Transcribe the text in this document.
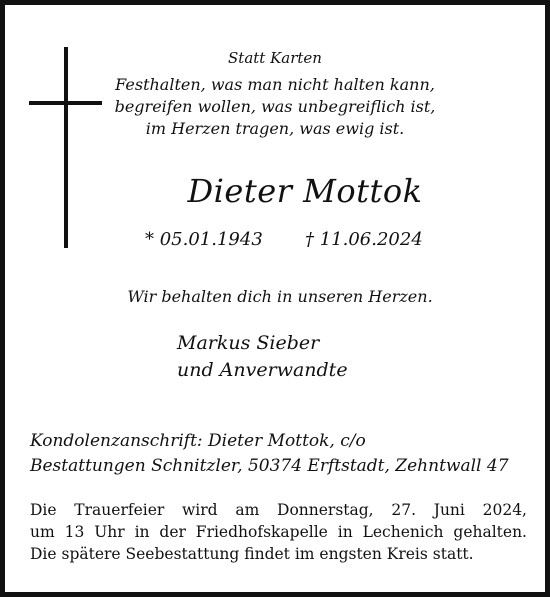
Statt Karten
Festhalten, was man nicht halten kann,
begreifen wollen, was unbegreiflich ist,
im Herzen tragen, was ewig ist.
Dieter Mottok
* 05.01.1943 † 11.06.2024
Wir behalten dich in unseren Herzen.
Markus Sieber
und Anverwandte
Kondolenzanschrift: Dieter Mottok, c/o
Bestattungen Schnitzler, 50374 Erftstadt, Zehntwall 47
Die Trauerfeier wird am Donnerstag, 27. Juni 2024,
um 13 Uhr in der Friedhofskapelle in Lechenich gehalten.
Die spätere Seebestattung findet im engsten Kreis statt.
